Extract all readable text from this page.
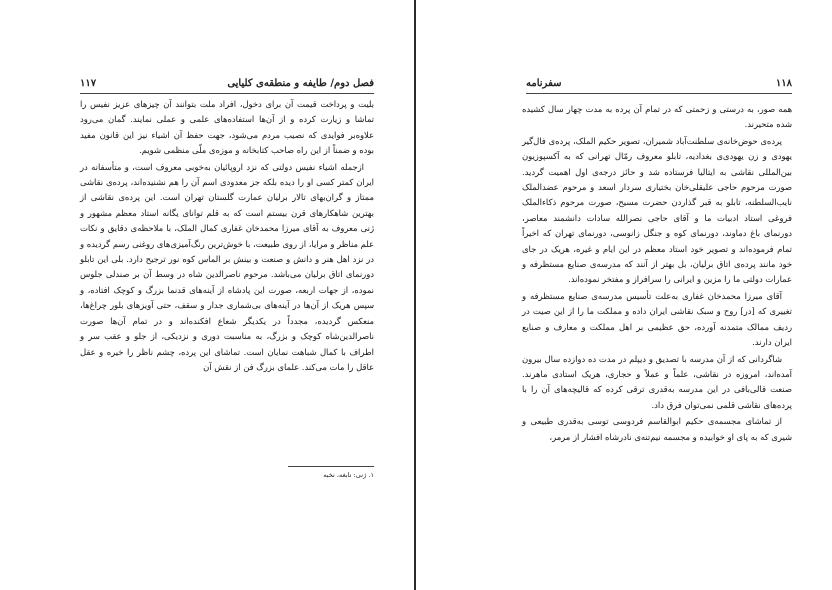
فصل دوم/ طایفه و منطقه‌ی کلیایی
۱۱۷

بلیت و پرداخت قیمت آن برای دخول، افراد ملت بتوانند آن چیزهای عزیز نفیس را تماشا و زیارت کرده و از آن‌ها استفاده‌های علمی و عملی نمایند. گمان می‌رود علاوه‌بر فوایدی که نصیب مردم می‌شود، جهت حفظ آن اشیاء نیز این قانون مفید بوده و ضمناً از این راه صاحب کتابخانه و موزه‌ی ملّی منظمی شویم.

ازجمله اشیاء نفیس دولتی که نزد اروپائیان به‌خوبی معروف است، و متأسفانه در ایران کمتر کسی او را دیده بلکه جز معدودی اسم آن را هم نشنیده‌اند، پرده‌ی نقاشی ممتاز و گران‌بهای تالار برلیان عمارت گلستان تهران است. این پرده‌ی نقاشی از بهترین شاهکارهای قرن بیستم است که به قلم توانای یگانه استاد معظم مشهور و ژنی معروف به آقای میرزا محمدخان غفاری کمال الملک، با ملاحظه‌ی دقایق و نکات علم مناظر و مرایا، از روی طبیعت، با خوش‌ترین رنگ‌آمیزی‌های روغنی رسم گردیده و در نزد اهل هنر و دانش و صنعت و بینش بر الماس کوه نور ترجیح دارد. بلی این تابلو دورنمای اتاق برلیان می‌باشد. مرحوم ناصرالدین شاه در وسط آن بر صندلی جلوس نموده، از جهات اربعه، صورت این پادشاه از آینه‌های قدنما بزرگ و کوچک افتاده، و سپس هریک از آن‌ها در آینه‌های بی‌شماری جدار و سقف، حتی آویزهای بلور چراغ‌ها، منعکس گردیده، مجدداً در یکدیگر شعاع افکنده‌اند و در تمام آن‌ها صورت ناصرالدین‌شاه کوچک و بزرگ، به مناسبت دوری و نزدیکی، از جلو و عقب سر و اطراف با کمال شباهت نمایان است. تماشای این پرده، چشم ناظر را خیره و عقل عاقل را مات می‌کند. علمای بزرگ فن از نقش آن

۱. ژنی: نابغه، نخبه
۱۱۸
سفرنامه

همه صور، به درستی و زحمتی که در تمام آن پرده به مدت چهار سال کشیده شده متحیرند.

پرده‌ی حوض‌خانه‌ی سلطنت‌آباد شمیران، تصویر حکیم الملک، پرده‌ی فال‌گیر یهودی و زن یهودی‌ی بغدادیه، تابلو معروف رمّال تهرانی که به آکسپوزیون بین‌المللی نقاشی به ایتالیا فرستاده شد و حائز درجه‌ی اول اهمیت گردید. صورت مرحوم حاجی علیقلی‌خان بختیاری سردار اسعد و مرحوم عضدالملک نایب‌السلطنه، تابلو به قبر گذاردن حضرت مسیح، صورت مرحوم ذکاءالملک فروغی استاد ادبیات ما و آقای حاجی نصرالله سادات دانشمند معاصر، دورنمای باغ دماوند، دورنمای کوه و جنگل زانوسی، دورنمای تهران که اخیراً تمام فرموده‌اند و تصویر خود استاد معظم در این ایام و غیره، هریک در جای خود مانند پرده‌ی اتاق برلیان، بل بهتر از آنند که مدرسه‌ی صنایع مستظرفه و عمارات دولتی ما را مزین و ایرانی را سرافراز و مفتخر نموده‌اند.

آقای میرزا محمدخان غفاری به‌علت تأسیس مدرسه‌ی صنایع مستظرفه و تغییری که [در] روح و سبک نقاشی ایران داده و مملکت ما را از این صیت در ردیف ممالک متمدنه آورده، حق عظیمی بر اهل مملکت و معارف و صنایع ایران دارند.

شاگردانی که از آن مدرسه با تصدیق و دیپلم در مدت ده دوازده سال بیرون آمده‌اند، امروزه در نقاشی، علماً و عملاً و حجاری، هریک استادی ماهرند. صنعت قالی‌بافی در این مدرسه به‌قدری ترقی کرده که قالیچه‌های آن را با پرده‌های نقاشی قلمی نمی‌توان فرق داد.

از تماشای مجسمه‌ی حکیم ابوالقاسم فردوسی توسی به‌قدری طبیعی و شیری که به پای او خوابیده و مجسمه نیم‌تنه‌ی نادرشاه افشار از مرمر،
